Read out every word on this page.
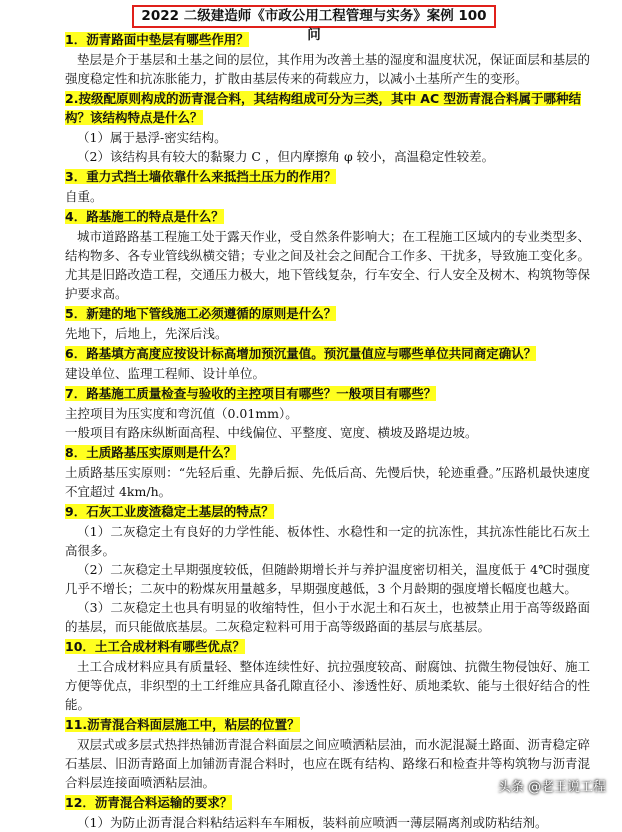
2022 二级建造师《市政公用工程管理与实务》案例 100 问
1．沥青路面中垫层有哪些作用？
垫层是介于基层和土基之间的层位，其作用为改善土基的湿度和温度状况，保证面层和基层的强度稳定性和抗冻胀能力，扩散由基层传来的荷载应力，以减小土基所产生的变形。
2.按级配原则构成的沥青混合料，其结构组成可分为三类，其中 AC 型沥青混合料属于哪种结构？该结构特点是什么？
（1）属于悬浮-密实结构。
（2）该结构具有较大的黏聚力 C ，但内摩擦角 φ 较小，高温稳定性较差。
3．重力式挡土墙依靠什么来抵挡土压力的作用？
自重。
4．路基施工的特点是什么？
城市道路路基工程施工处于露天作业，受自然条件影响大；在工程施工区域内的专业类型多、结构物多、各专业管线纵横交错；专业之间及社会之间配合工作多、干扰多，导致施工变化多。尤其是旧路改造工程，交通压力极大，地下管线复杂，行车安全、行人安全及树木、构筑物等保护要求高。
5．新建的地下管线施工必须遵循的原则是什么？
先地下，后地上，先深后浅。
6．路基填方高度应按设计标高增加预沉量值。预沉量值应与哪些单位共同商定确认？
建设单位、监理工程师、设计单位。
7．路基施工质量检查与验收的主控项目有哪些？一般项目有哪些？
主控项目为压实度和弯沉值（0.01mm）。
一般项目有路床纵断面高程、中线偏位、平整度、宽度、横坡及路堤边坡。
8．土质路基压实原则是什么？
土质路基压实原则：“先轻后重、先静后振、先低后高、先慢后快，轮迹重叠。”压路机最快速度不宜超过 4km/h。
9．石灰工业废渣稳定土基层的特点？
（1）二灰稳定土有良好的力学性能、板体性、水稳性和一定的抗冻性，其抗冻性能比石灰土高很多。
（2）二灰稳定土早期强度较低，但随龄期增长并与养护温度密切相关，温度低于 4℃时强度几乎不增长；二灰中的粉煤灰用量越多，早期强度越低，3 个月龄期的强度增长幅度也越大。
（3）二灰稳定土也具有明显的收缩特性，但小于水泥土和石灰土，也被禁止用于高等级路面的基层，而只能做底基层。二灰稳定粒料可用于高等级路面的基层与底基层。
10．土工合成材料有哪些优点？
土工合成材料应具有质量轻、整体连续性好、抗拉强度较高、耐腐蚀、抗微生物侵蚀好、施工方便等优点，非织型的土工纤维应具备孔隙直径小、渗透性好、质地柔软、能与土很好结合的性能。
11.沥青混合料面层施工中，粘层的位置？
双层式或多层式热拌热铺沥青混合料面层之间应喷洒粘层油，而水泥混凝土路面、沥青稳定碎石基层、旧沥青路面上加铺沥青混合料时，也应在既有结构、路缘石和检查井等构筑物与沥青混合料层连接面喷洒粘层油。
12．沥青混合料运输的要求？
（1）为防止沥青混合料粘结运料车车厢板，装料前应喷洒一薄层隔离剂或防粘结剂。
头条 @老王说工程
